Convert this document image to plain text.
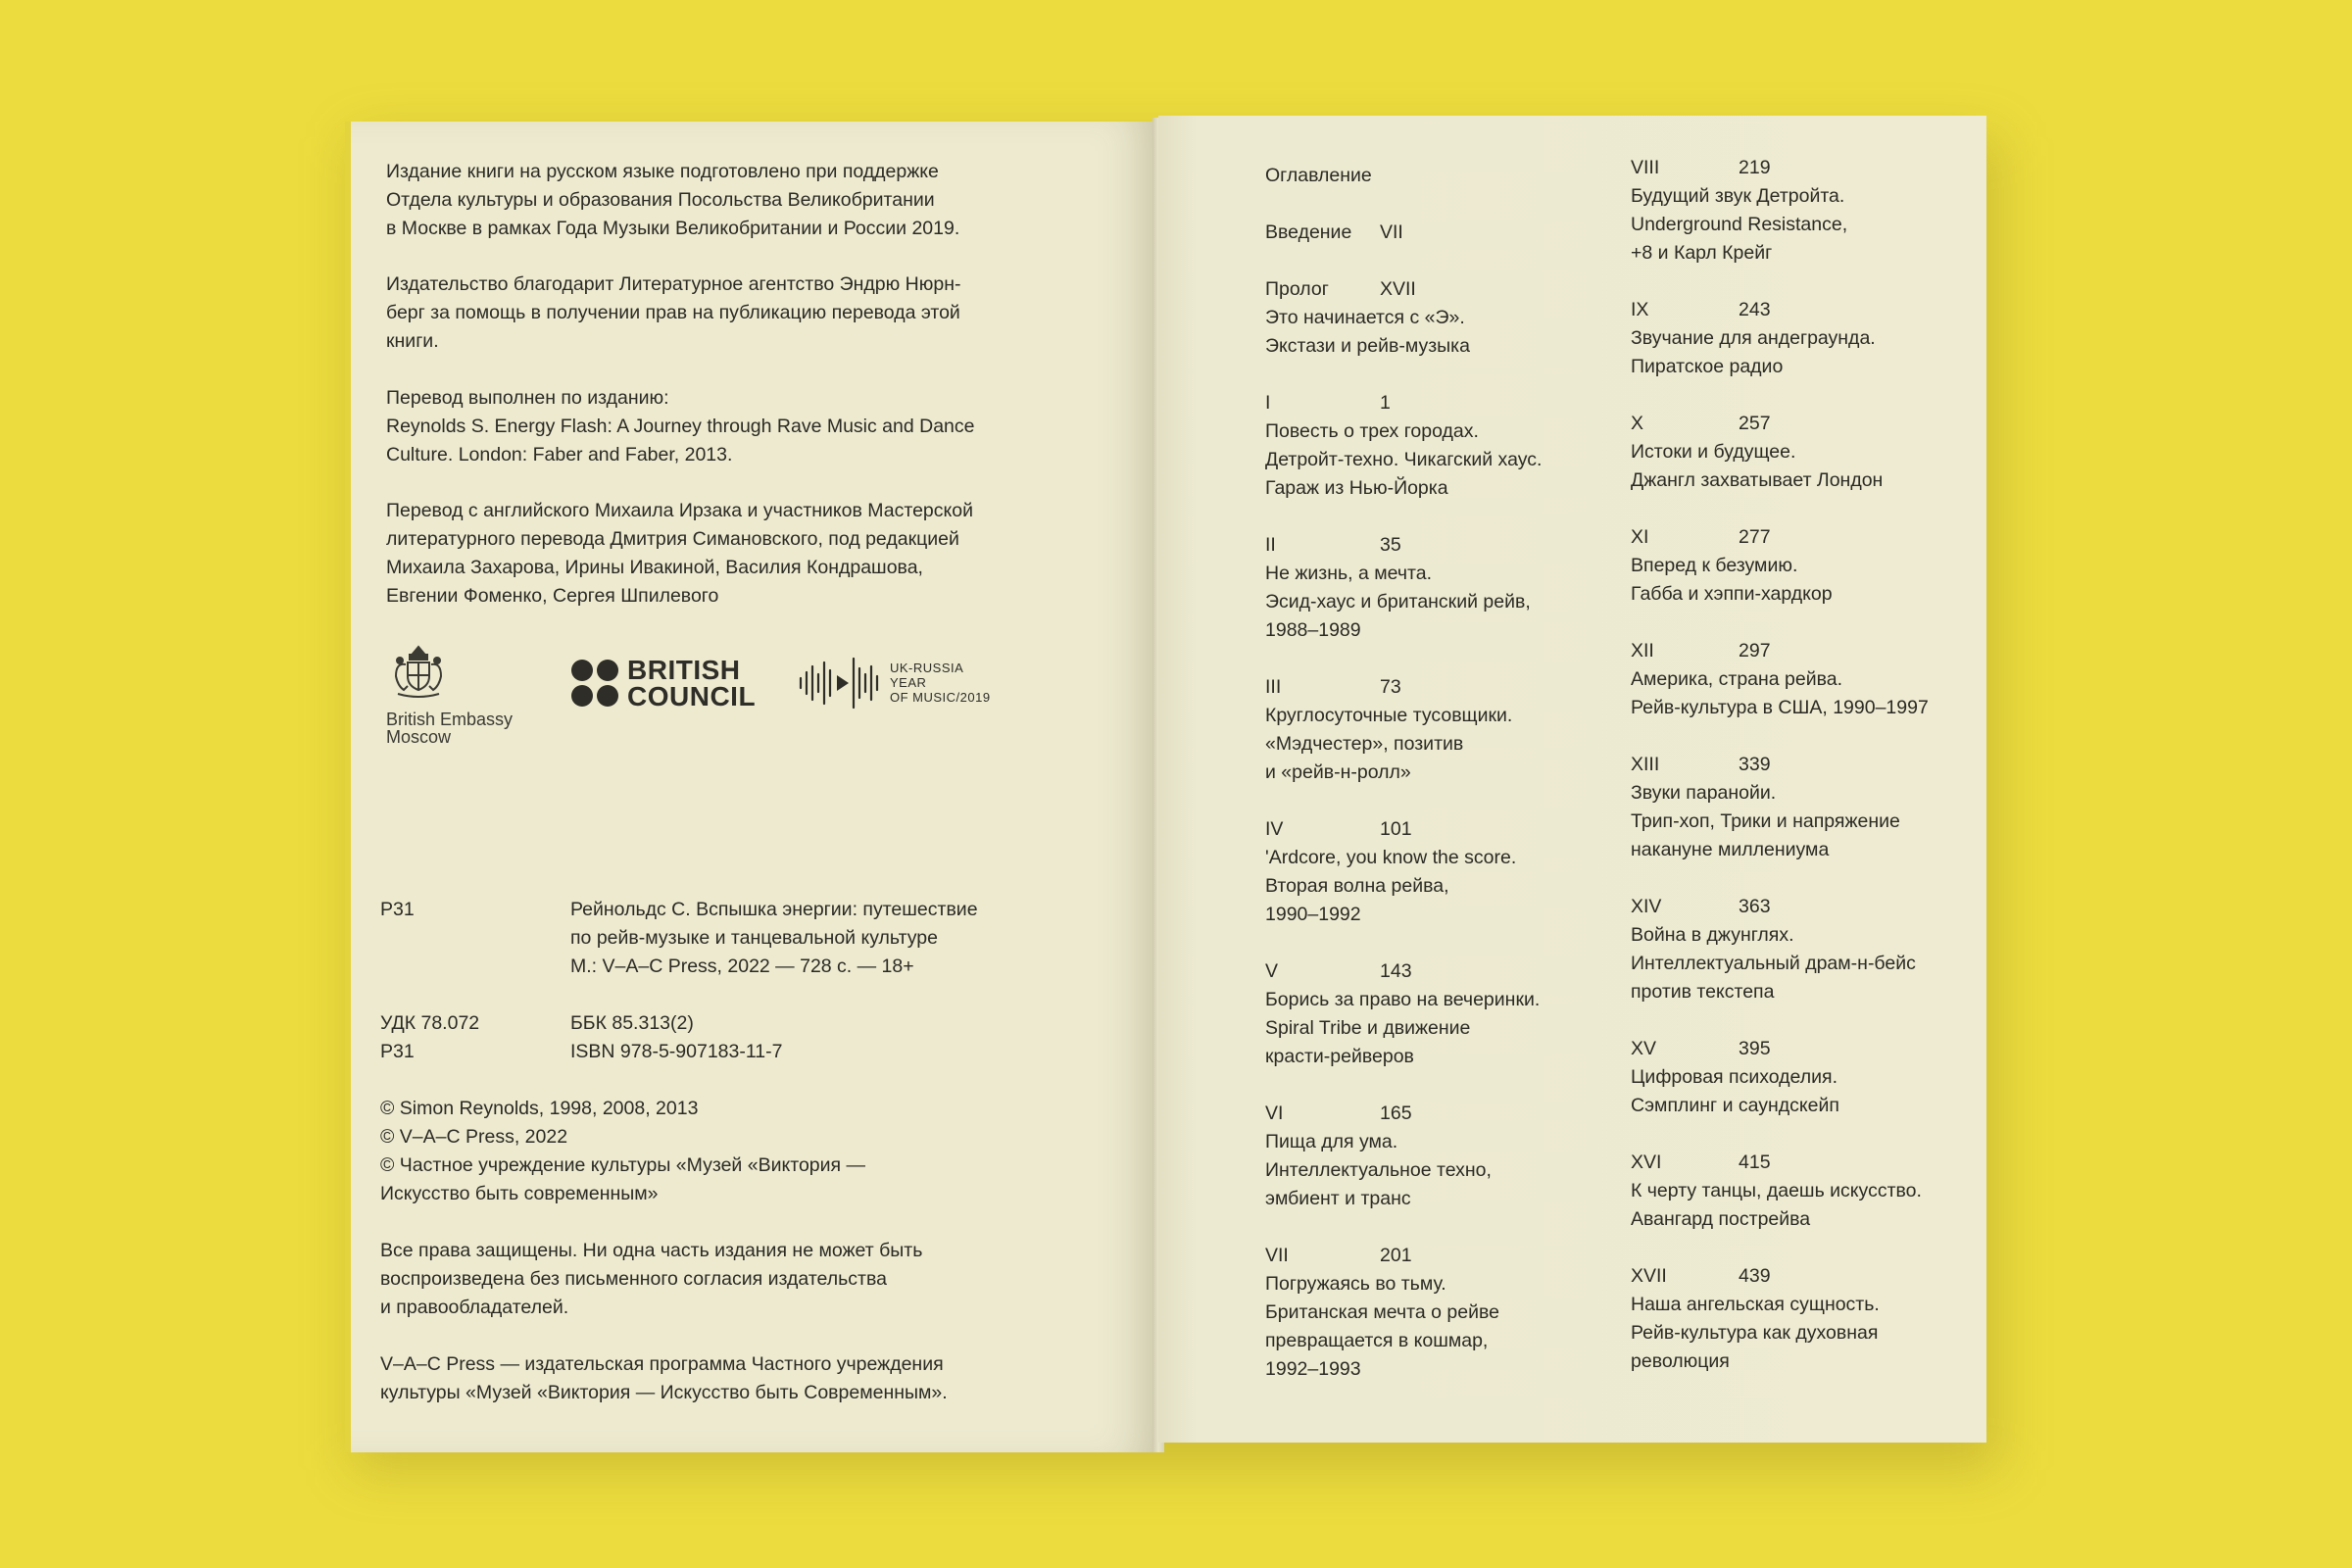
Издание книги на русском языке подготовлено при поддержке
Отдела культуры и образования Посольства Великобритании
в Москве в рамках Года Музыки Великобритании и России 2019.
Издательство благодарит Литературное агентство Эндрю Нюрн-
берг за помощь в получении прав на публикацию перевода этой
книги.
Перевод выполнен по изданию:
Reynolds S. Energy Flash: A Journey through Rave Music and Dance
Culture. London: Faber and Faber, 2013.
Перевод с английского Михаила Ирзака и участников Мастерской
литературного перевода Дмитрия Симановского, под редакцией
Михаила Захарова, Ирины Ивакиной, Василия Кондрашова,
Евгении Фоменко, Сергея Шпилевого
British Embassy
Moscow
BRITISH
COUNCIL
UK-RUSSIA
YEAR
OF MUSIC/2019
Р31	Рейнольдс С. Вспышка энергии: путешествие
по рейв-музыке и танцевальной культуре
М.: V–A–C Press, 2022 — 728 с. — 18+
УДК 78.072	ББК 85.313(2)
Р31	ISBN 978-5-907183-11-7
© Simon Reynolds, 1998, 2008, 2013
© V–A–C Press, 2022
© Частное учреждение культуры «Музей «Виктория —
Искусство быть современным»
Все права защищены. Ни одна часть издания не может быть
воспроизведена без письменного согласия издательства
и правообладателей.
V–A–C Press — издательская программа Частного учреждения
культуры «Музей «Виктория — Искусство быть Современным».
Оглавление
Введение VII
Пролог	XVII
Это начинается с «Э».
Экстази и рейв-музыка
I	1
Повесть о трех городах.
Детройт-техно. Чикагский хаус.
Гараж из Нью-Йорка
II	35
Не жизнь, а мечта.
Эсид-хаус и британский рейв,
1988–1989
III	73
Круглосуточные тусовщики.
«Мэдчестер», позитив
и «рейв-н-ролл»
IV	101
'Ardcore, you know the score.
Вторая волна рейва,
1990–1992
V	143
Борись за право на вечеринки.
Spiral Tribe и движение
красти-рейверов
VI	165
Пища для ума.
Интеллектуальное техно,
эмбиент и транс
VII	201
Погружаясь во тьму.
Британская мечта о рейве
превращается в кошмар,
1992–1993
VIII	219
Будущий звук Детройта.
Underground Resistance,
+8 и Карл Крейг
IX	243
Звучание для андеграунда.
Пиратское радио
X	257
Истоки и будущее.
Джангл захватывает Лондон
XI	277
Вперед к безумию.
Габба и хэппи-хардкор
XII	297
Америка, страна рейва.
Рейв-культура в США, 1990–1997
XIII	339
Звуки паранойи.
Трип-хоп, Трики и напряжение
накануне миллениума
XIV	363
Война в джунглях.
Интеллектуальный драм-н-бейс
против текстепа
XV	395
Цифровая психоделия.
Сэмплинг и саундскейп
XVI	415
К черту танцы, даешь искусство.
Авангард пострейва
XVII	439
Наша ангельская сущность.
Рейв-культура как духовная
революция
